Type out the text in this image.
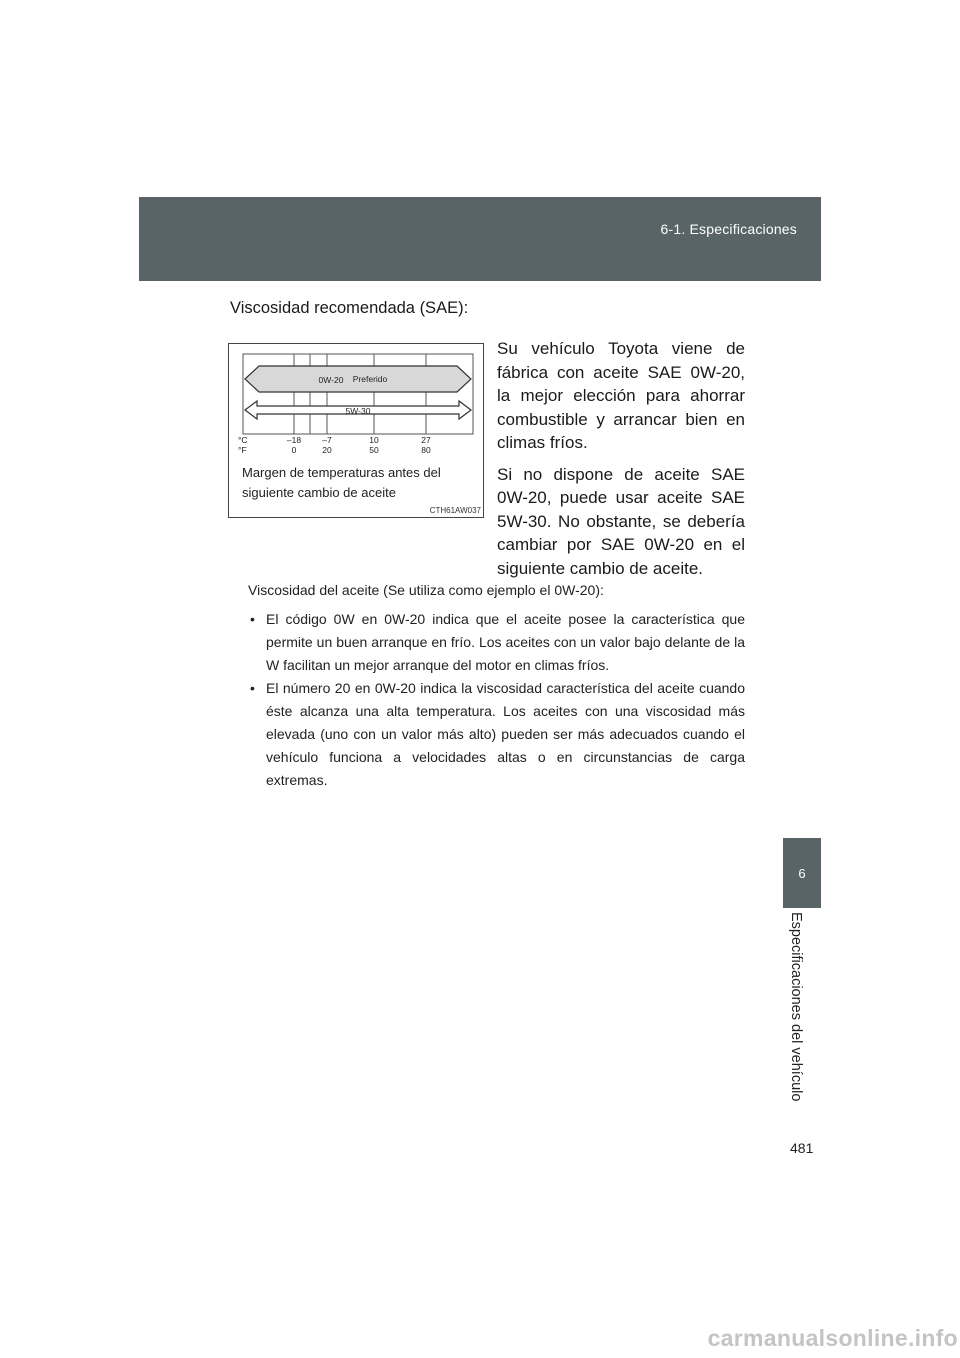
6-1. Especificaciones
6
Especificaciones del vehículo
Viscosidad recomendada (SAE):
0W-20 Preferido
5W-30
°C
°F
–18 –7	10	27
0	20	50	80
Margen de temperaturas antes del
siguiente cambio de aceite
CTH61AW037

Su vehículo Toyota viene de fábrica con aceite SAE 0W-20, la mejor elección para ahorrar combustible y arrancar bien en climas fríos.

Si no dispone de aceite SAE 0W-20, puede usar aceite SAE 5W-30. No obstante, se debería cambiar por SAE 0W-20 en el siguiente cambio de aceite.

Viscosidad del aceite (Se utiliza como ejemplo el 0W-20):
• El código 0W en 0W-20 indica que el aceite posee la característica que permite un buen arranque en frío. Los aceites con un valor bajo delante de la W facilitan un mejor arranque del motor en climas fríos.
• El número 20 en 0W-20 indica la viscosidad característica del aceite cuando éste alcanza una alta temperatura. Los aceites con una viscosidad más elevada (uno con un valor más alto) pueden ser más adecuados cuando el vehículo funciona a velocidades altas o en circunstancias de carga extremas.
481
carmanualsonline.info
